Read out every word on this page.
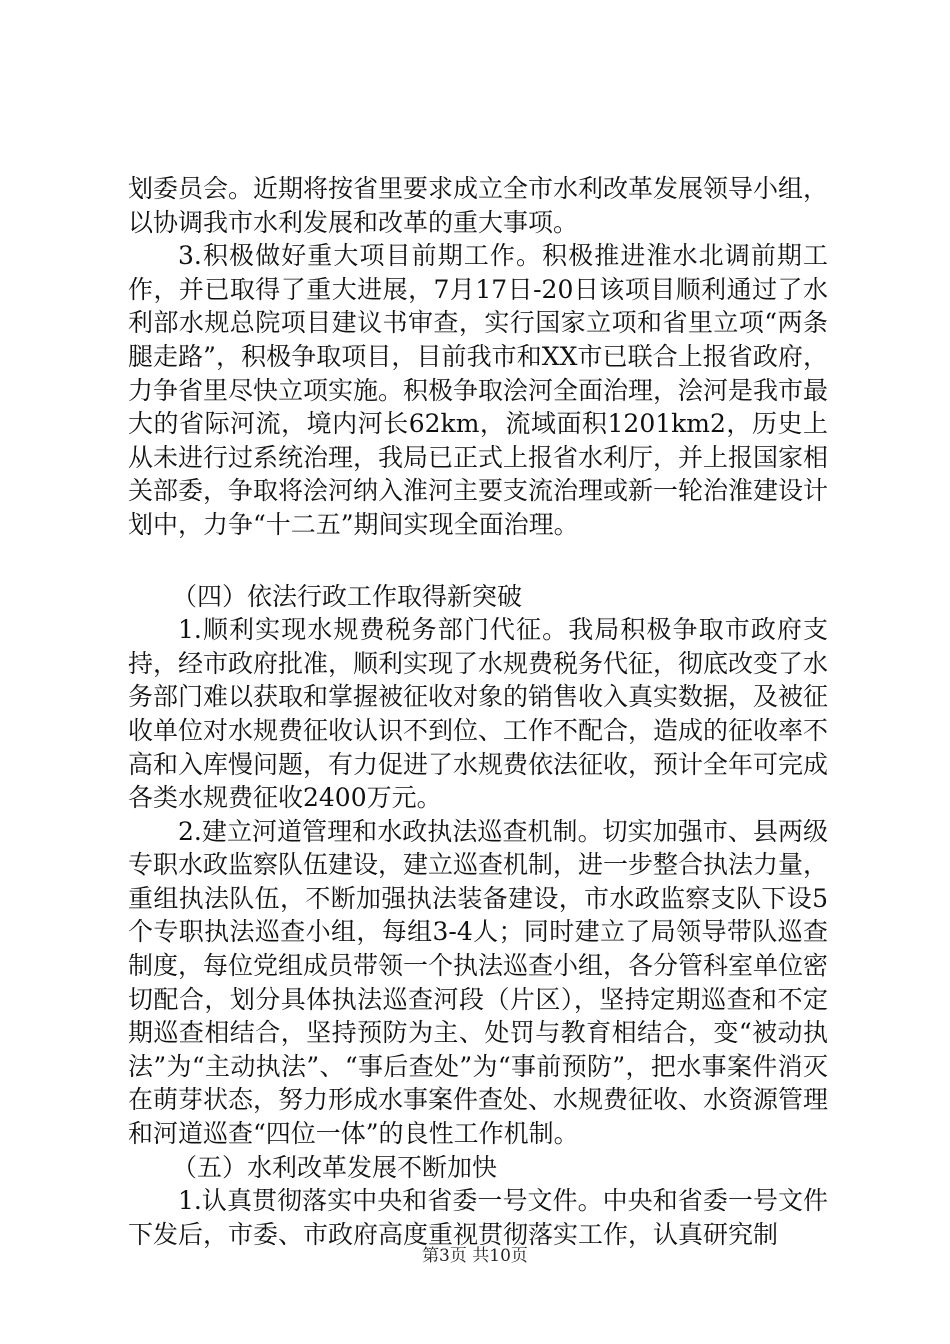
划委员会。近期将按省里要求成立全市水利改革发展领导小组，以协调我市水利发展和改革的重大事项。

3.积极做好重大项目前期工作。积极推进淮水北调前期工作，并已取得了重大进展，7月17日-20日该项目顺利通过了水利部水规总院项目建议书审查，实行国家立项和省里立项“两条腿走路”，积极争取项目，目前我市和XX市已联合上报省政府，力争省里尽快立项实施。积极争取浍河全面治理，浍河是我市最大的省际河流，境内河长62km，流域面积1201km2，历史上从未进行过系统治理，我局已正式上报省水利厅，并上报国家相关部委，争取将浍河纳入淮河主要支流治理或新一轮治淮建设计划中，力争“十二五”期间实现全面治理。

（四）依法行政工作取得新突破

1.顺利实现水规费税务部门代征。我局积极争取市政府支持，经市政府批准，顺利实现了水规费税务代征，彻底改变了水务部门难以获取和掌握被征收对象的销售收入真实数据，及被征收单位对水规费征收认识不到位、工作不配合，造成的征收率不高和入库慢问题，有力促进了水规费依法征收，预计全年可完成各类水规费征收2400万元。

2.建立河道管理和水政执法巡查机制。切实加强市、县两级专职水政监察队伍建设，建立巡查机制，进一步整合执法力量，重组执法队伍，不断加强执法装备建设，市水政监察支队下设5个专职执法巡查小组，每组3-4人；同时建立了局领导带队巡查制度，每位党组成员带领一个执法巡查小组，各分管科室单位密切配合，划分具体执法巡查河段（片区），坚持定期巡查和不定期巡查相结合，坚持预防为主、处罚与教育相结合，变“被动执法”为“主动执法”、“事后查处”为“事前预防”，把水事案件消灭在萌芽状态，努力形成水事案件查处、水规费征收、水资源管理和河道巡查“四位一体”的良性工作机制。

（五）水利改革发展不断加快

1.认真贯彻落实中央和省委一号文件。中央和省委一号文件下发后，市委、市政府高度重视贯彻落实工作，认真研究制

第3页 共10页
